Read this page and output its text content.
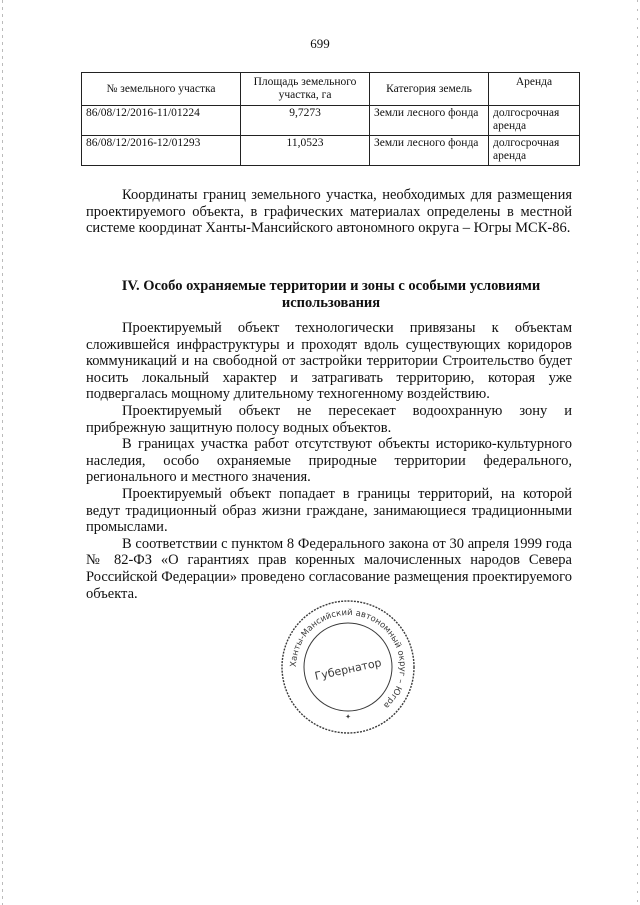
699
№ земельного участка	Площадь земельного участка, га	Категория земель	Аренда
86/08/12/2016-11/01224	9,7273	Земли лесного фонда	долгосрочная аренда
86/08/12/2016-12/01293	11,0523	Земли лесного фонда	долгосрочная аренда

Координаты границ земельного участка, необходимых для размещения проектируемого объекта, в графических материалах определены в местной системе координат Ханты-Мансийского автономного округа – Югры МСК-86.

IV. Особо охраняемые территории и зоны с особыми условиями использования

Проектируемый объект технологически привязаны к объектам сложившейся инфраструктуры и проходят вдоль существующих коридоров коммуникаций и на свободной от застройки территории Строительство будет носить локальный характер и затрагивать территорию, которая уже подвергалась мощному длительному техногенному воздействию.

Проектируемый объект не пересекает водоохранную зону и прибрежную защитную полосу водных объектов.

В границах участка работ отсутствуют объекты историко-культурного наследия, особо охраняемые природные территории федерального, регионального и местного значения.

Проектируемый объект попадает в границы территорий, на которой ведут традиционный образ жизни граждане, занимающиеся традиционными промыслами.

В соответствии с пунктом 8 Федерального закона от 30 апреля 1999 года № 82-ФЗ «О гарантиях прав коренных малочисленных народов Севера Российской Федерации» проведено согласование размещения проектируемого объекта.

Ханты-Мансийский автономный округ – Югра
Губернатор
✦
